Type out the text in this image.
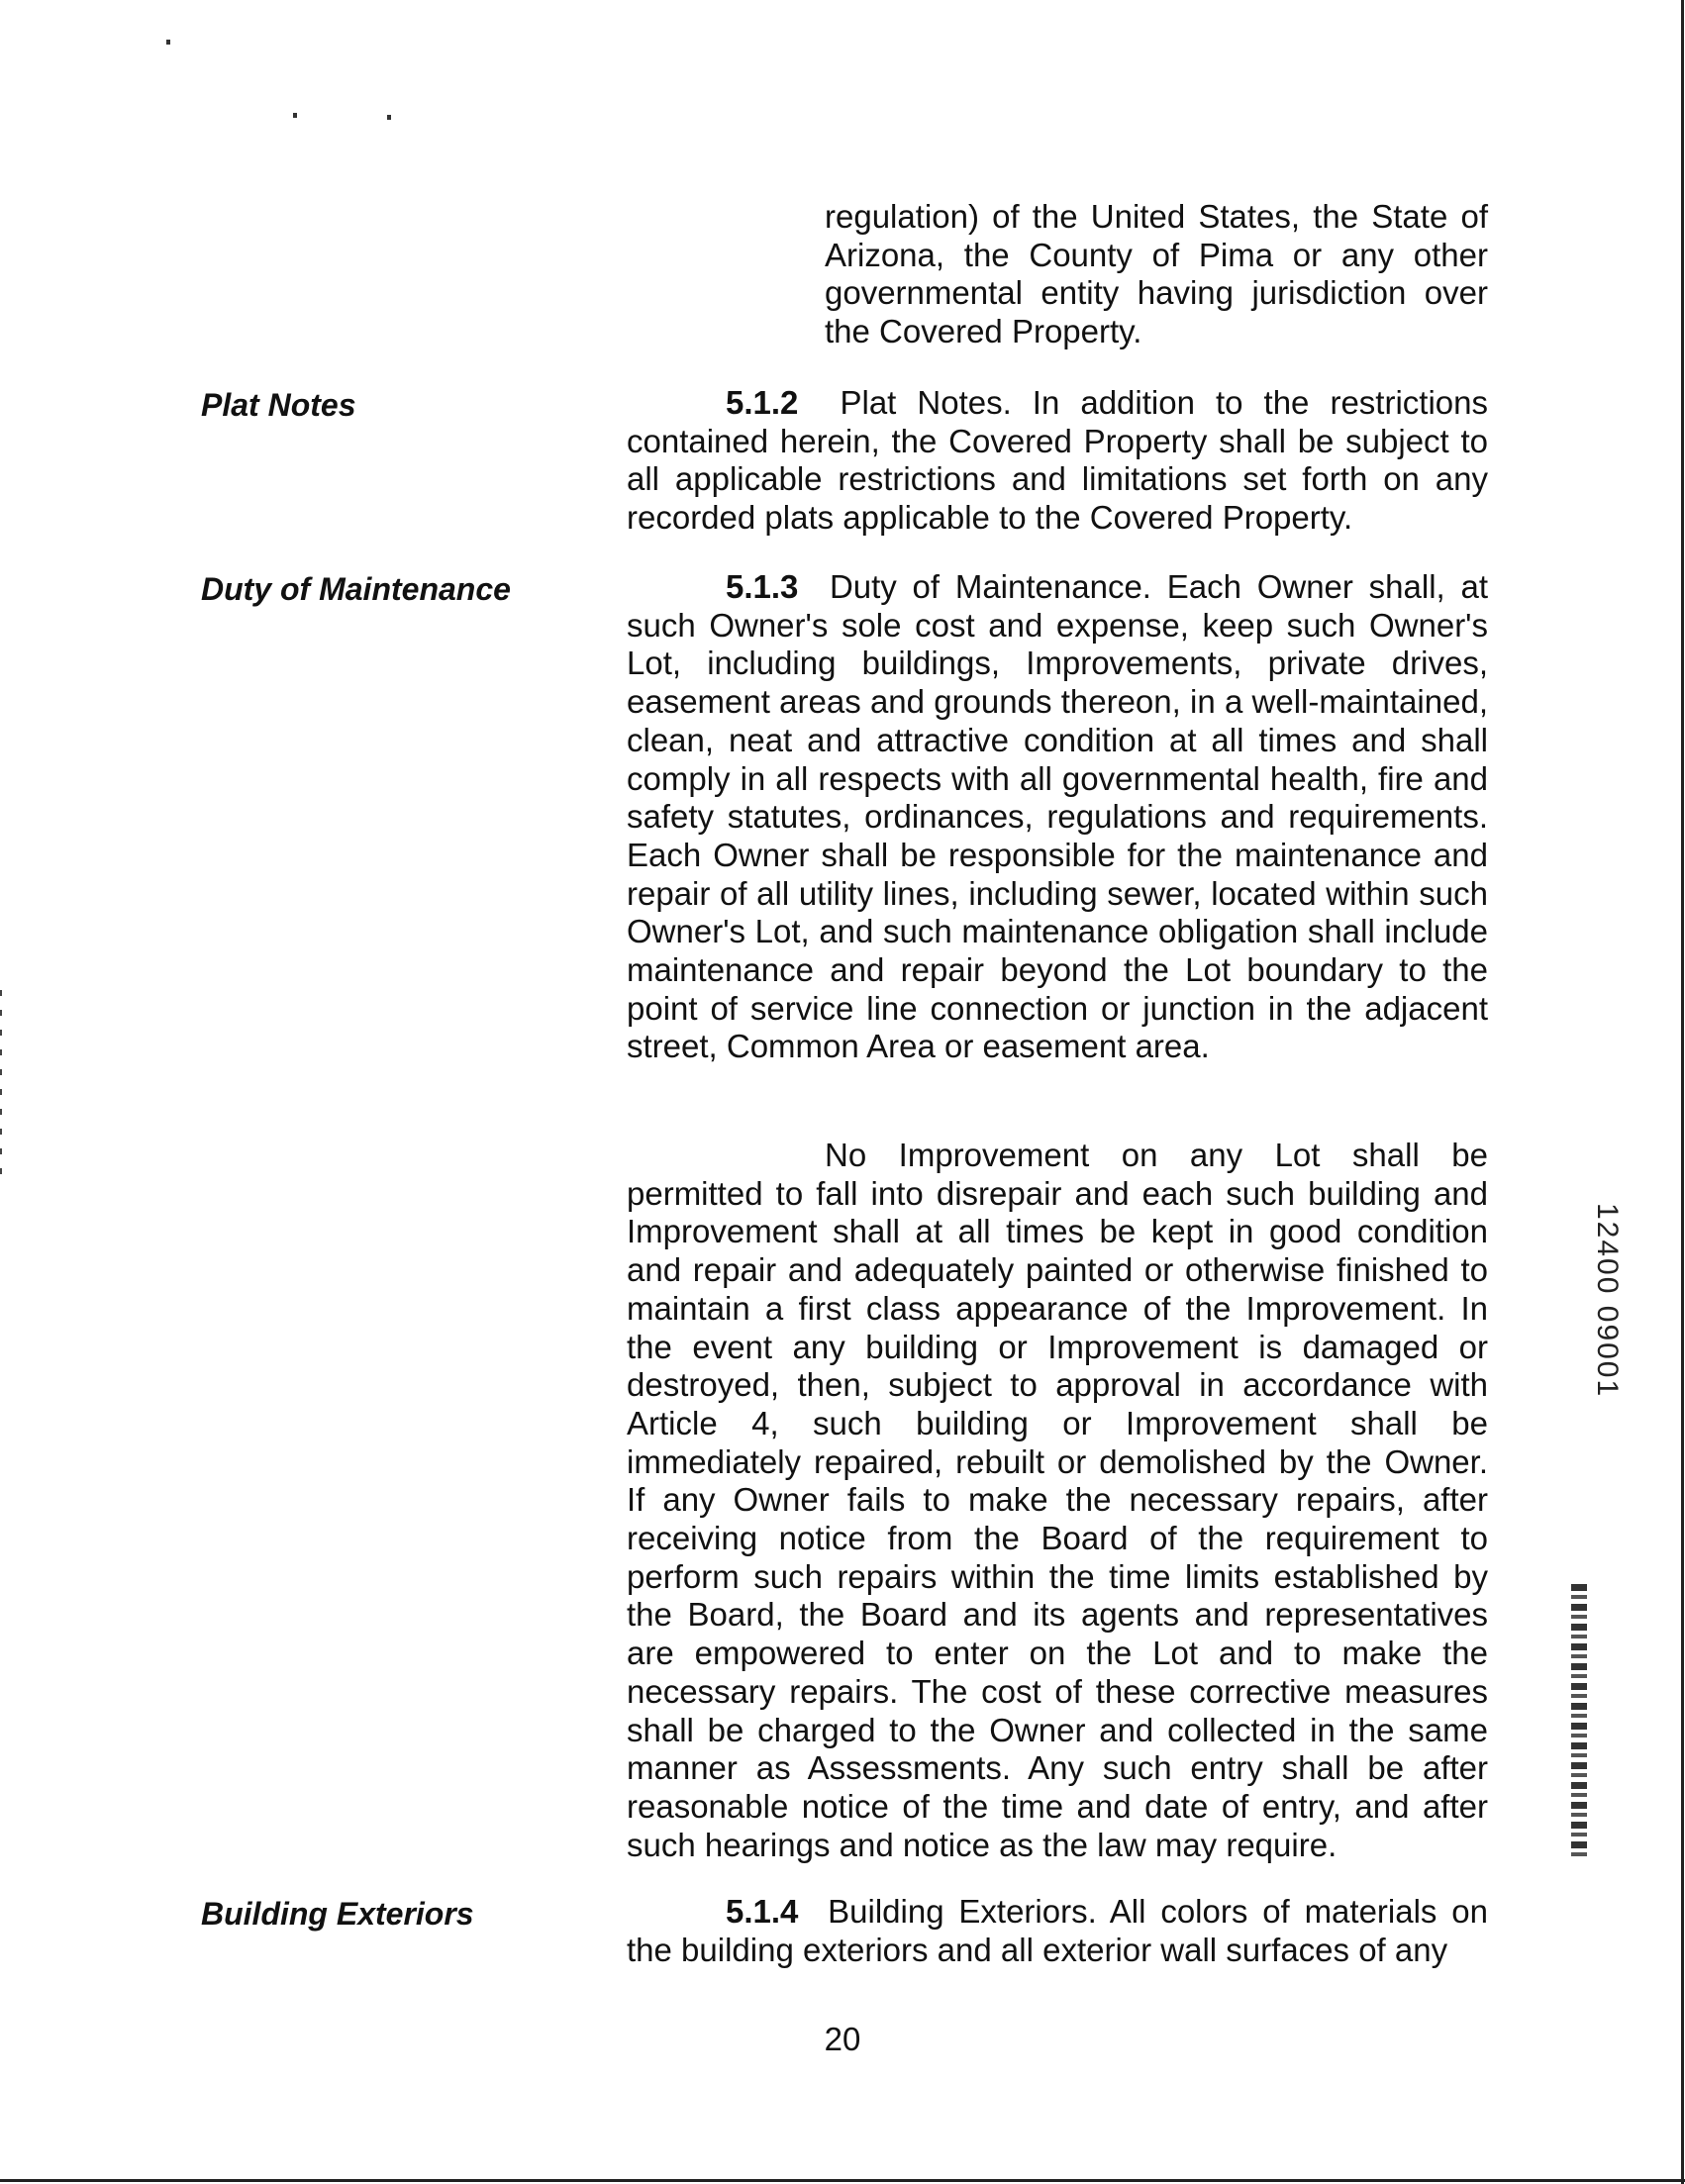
regulation) of the United States, the State of Arizona, the County of Pima or any other governmental entity having jurisdiction over the Covered Property.

Plat Notes	5.1.2 Plat Notes. In addition to the restrictions contained herein, the Covered Property shall be subject to all applicable restrictions and limitations set forth on any recorded plats applicable to the Covered Property.

Duty of Maintenance	5.1.3 Duty of Maintenance. Each Owner shall, at such Owner's sole cost and expense, keep such Owner's Lot, including buildings, Improvements, private drives, easement areas and grounds thereon, in a well-maintained, clean, neat and attractive condition at all times and shall comply in all respects with all governmental health, fire and safety statutes, ordinances, regulations and requirements. Each Owner shall be responsible for the maintenance and repair of all utility lines, including sewer, located within such Owner's Lot, and such maintenance obligation shall include maintenance and repair beyond the Lot boundary to the point of service line connection or junction in the adjacent street, Common Area or easement area.

No Improvement on any Lot shall be permitted to fall into disrepair and each such building and Improvement shall at all times be kept in good condition and repair and adequately painted or otherwise finished to maintain a first class appearance of the Improvement. In the event any building or Improvement is damaged or destroyed, then, subject to approval in accordance with Article 4, such building or Improvement shall be immediately repaired, rebuilt or demolished by the Owner. If any Owner fails to make the necessary repairs, after receiving notice from the Board of the requirement to perform such repairs within the time limits established by the Board, the Board and its agents and representatives are empowered to enter on the Lot and to make the necessary repairs. The cost of these corrective measures shall be charged to the Owner and collected in the same manner as Assessments. Any such entry shall be after reasonable notice of the time and date of entry, and after such hearings and notice as the law may require.

Building Exteriors	5.1.4 Building Exteriors. All colors of materials on the building exteriors and all exterior wall surfaces of any

20

12400 09001
